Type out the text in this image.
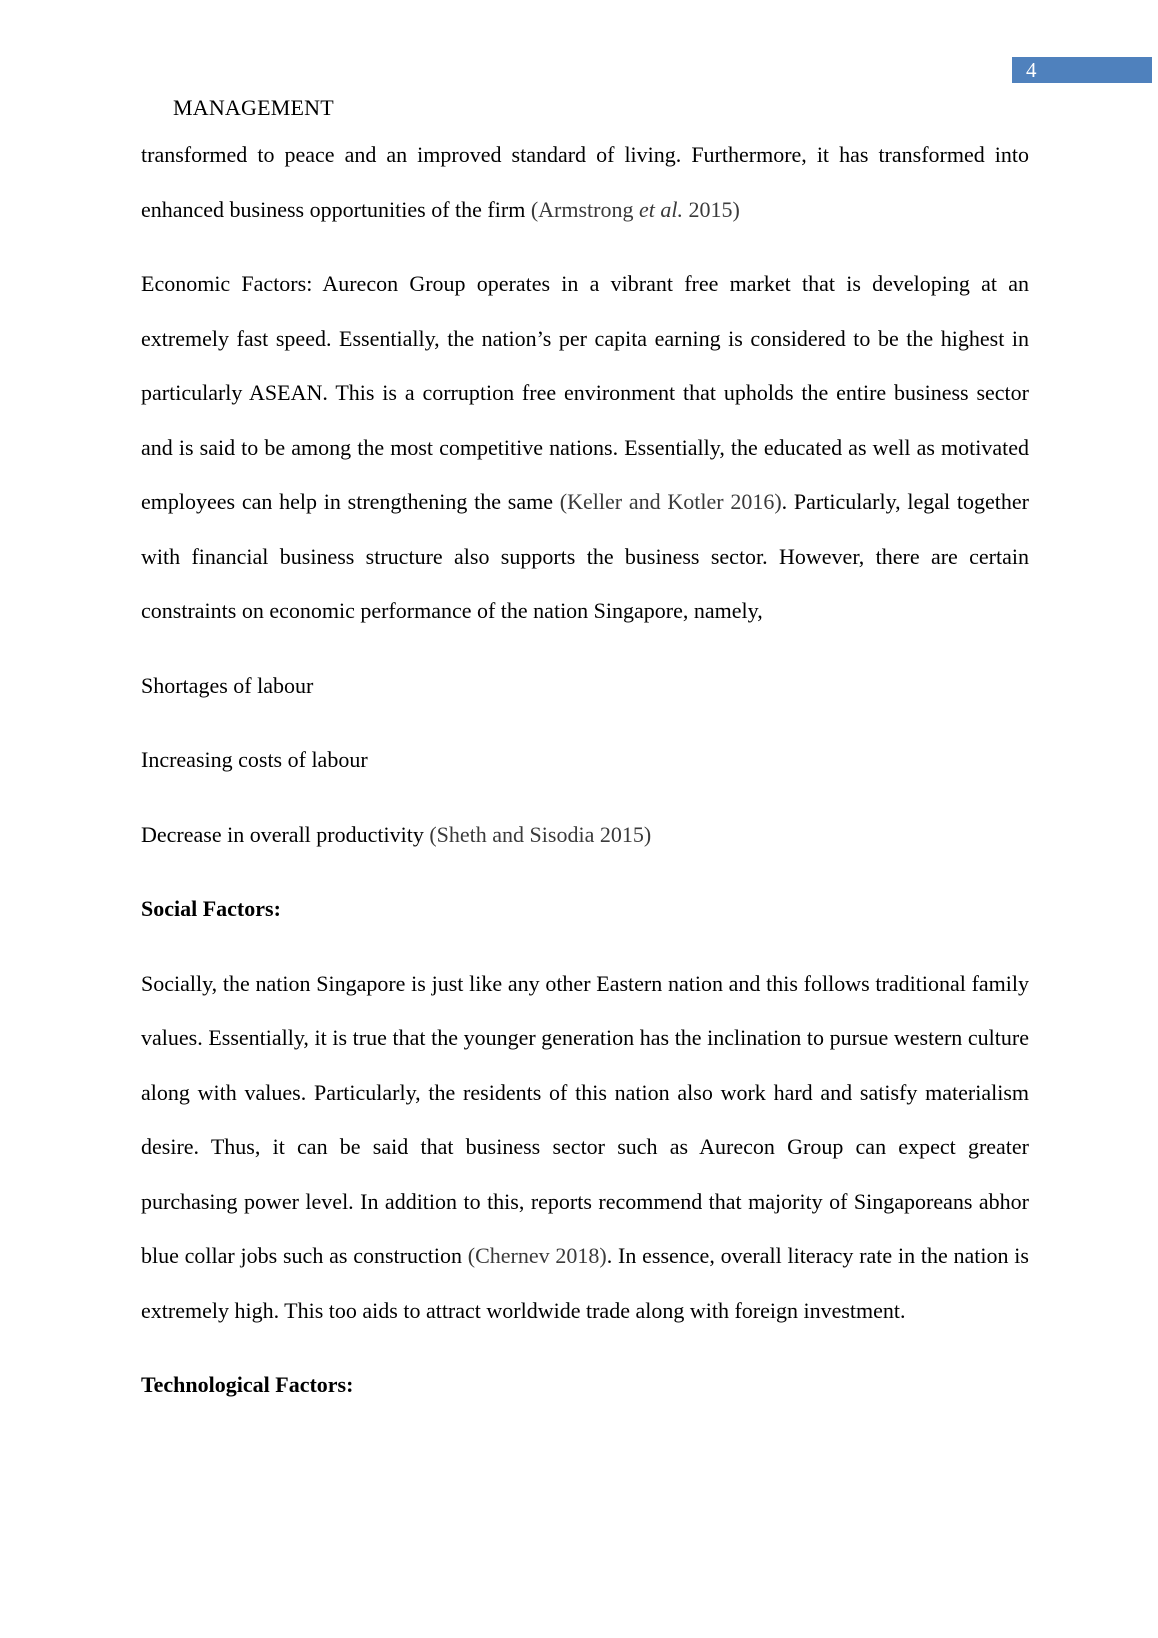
4
MANAGEMENT

transformed to peace and an improved standard of living. Furthermore, it has transformed into enhanced business opportunities of the firm (Armstrong et al. 2015)

Economic Factors: Aurecon Group operates in a vibrant free market that is developing at an extremely fast speed. Essentially, the nation’s per capita earning is considered to be the highest in particularly ASEAN. This is a corruption free environment that upholds the entire business sector and is said to be among the most competitive nations. Essentially, the educated as well as motivated employees can help in strengthening the same (Keller and Kotler 2016). Particularly, legal together with financial business structure also supports the business sector. However, there are certain constraints on economic performance of the nation Singapore, namely,

Shortages of labour

Increasing costs of labour

Decrease in overall productivity (Sheth and Sisodia 2015)

Social Factors:

Socially, the nation Singapore is just like any other Eastern nation and this follows traditional family values. Essentially, it is true that the younger generation has the inclination to pursue western culture along with values. Particularly, the residents of this nation also work hard and satisfy materialism desire. Thus, it can be said that business sector such as Aurecon Group can expect greater purchasing power level. In addition to this, reports recommend that majority of Singaporeans abhor blue collar jobs such as construction (Chernev 2018). In essence, overall literacy rate in the nation is extremely high. This too aids to attract worldwide trade along with foreign investment.

Technological Factors:
